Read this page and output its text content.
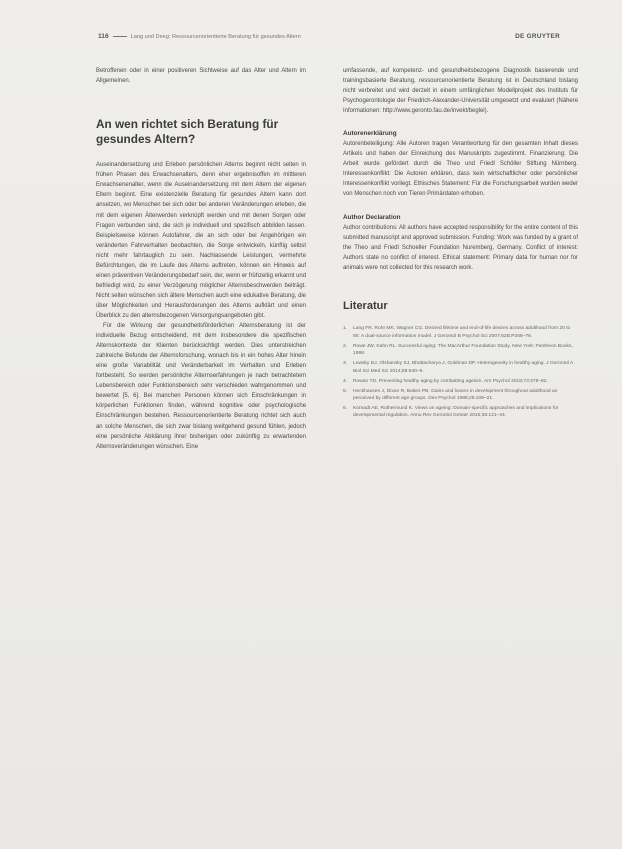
116	Lang und Deeg: Ressourcenorientierte Beratung für gesundes Altern	DE GRUYTER

Betroffenen oder in einer positiveren Sichtweise auf das Alter und Altern im Allgemeinen.

An wen richtet sich Beratung für gesundes Altern?

Auseinandersetzung und Erleben persönlichen Alterns beginnt nicht selten in frühen Phasen des Erwachsenalters, denn eher ergebnisoffen im mittleren Erwachsenenalter, wenn die Auseinandersetzung mit dem Altern der eigenen Eltern beginnt. Eine existenzielle Beratung für gesundes Altern kann dort ansetzen, wo Menschen bei sich oder bei anderen Veränderungen erleben, die mit dem eigenen Älterwerden verknüpft werden und mit denen Sorgen oder Fragen verbunden sind, die sich je individuell und spezifisch abbilden lassen. Beispielsweise können Autofahrer, die an sich oder bei Angehörigen ein veränderten Fahrverhalten beobachten, die Sorge entwickeln, künftig selbst nicht mehr fahrtauglich zu sein. Nachlassende Leistungen, vermehrte Befürchtungen, die im Laufe des Alterns auftreten, können ein Hinweis auf einen präventiven Veränderungsbedarf sein, der, wenn er frühzeitig erkannt und befriedigt wird, zu einer Verzögerung möglicher Alternsbeschwerden beiträgt. Nicht selten wünschen sich ältere Menschen auch eine edukative Beratung, die über Möglichkeiten und Herausforderungen des Alterns aufklärt und einen Überblick zu den alternsbezogenen Versorgungsangeboten gibt.

Für die Wirkung der gesundheitsförderlichen Alternsberatung ist der individuelle Bezug entscheidend, mit dem insbesondere die spezifischen Alternskontexte der Klienten berücksichtigt werden. Dies unterstreichen zahlreiche Befunde der Alternsforschung, wonach bis in ein hohes Alter hinein eine große Variabilität und Veränderbarkeit im Verhalten und Erleben fortbesteht. So werden persönliche Alternserfahrungen je nach betrachtetem Lebensbereich oder Funktionsbereich sehr verschieden wahrgenommen und bewertet [5, 6]. Bei manchen Personen können sich Einschränkungen in körperlichen Funktionen finden, während kognitive oder psychologische Einschränkungen bestehen. Ressourcenorientierte Beratung richtet sich auch an solche Menschen, die sich zwar bislang weitgehend gesund fühlen, jedoch eine persönliche Abklärung ihrer bisherigen oder zukünftig zu erwartenden Alternsveränderungen wünschen. Eine

umfassende, auf kompetenz- und gesundheitsbezogene Diagnostik basierende und trainingsbasierte Beratung, ressourcenorientierte Beratung ist in Deutschland bislang nicht verbreitet und wird derzeit in einem umfänglichen Modellprojekt des Instituts für Psychogerontologie der Friedrich-Alexander-Universität umgesetzt und evaluiert (Nähere Informationen: http://www.geronto.fau.de/invekt/beglei).

Autorenerklärung

Autorenbeteiligung: Alle Autoren tragen Verantwortung für den gesamten Inhalt dieses Artikels und haben der Einreichung des Manuskripts zugestimmt. Finanzierung: Die Arbeit wurde gefördert durch die Theo und Friedl Schöller Stiftung Nürnberg. Interessenkonflikt: Die Autoren erklären, dass kein wirtschaftlicher oder persönlicher Interessenkonflikt vorliegt. Ethisches Statement: Für die Forschungsarbeit wurden weder von Menschen noch von Tieren Primärdaten erhoben.

Author Declaration

Author contributions: All authors have accepted responsibility for the entire content of this submitted manuscript and approved submission. Funding: Work was funded by a grant of the Theo and Friedl Schoeller Foundation Nuremberg, Germany. Conflict of interest: Authors state no conflict of interest. Ethical statement: Primary data for human nor for animals were not collected for this research work.

Literatur
1. Lang FR, Rohr MK, Wagner CG. Desired lifetime and end-of-life desires across adulthood from 20 to 90: A dual-source information model. J Gerontol B Psychol Sci 2007;62B:P268–76.
2. Rowe JW, Kahn RL. Successful aging: The MacArthur Foundation Study. New York: Pantheon Books, 1998.
3. Lowsky DJ, Olshansky SJ, Bhattacharya J, Goldman DP. Heterogeneity in healthy aging. J Gerontol A Biol Sci Med Sci 2014;69:640–9.
4. Rowan TD. Preventing healthy aging by combatting ageism. Am Psychol 2018;73:378–82.
5. Heckhausen J, Dixon R, Baltes PB. Gains and losses in development throughout adulthood as perceived by different age groups. Dev Psychol 1989;25:109–21.
6. Kornadt AE, Rothermund K. Views on ageing: Domain-specific approaches and implications for developmental regulation. Annu Rev Gerontol Geriatr 2015;35:121–44.
